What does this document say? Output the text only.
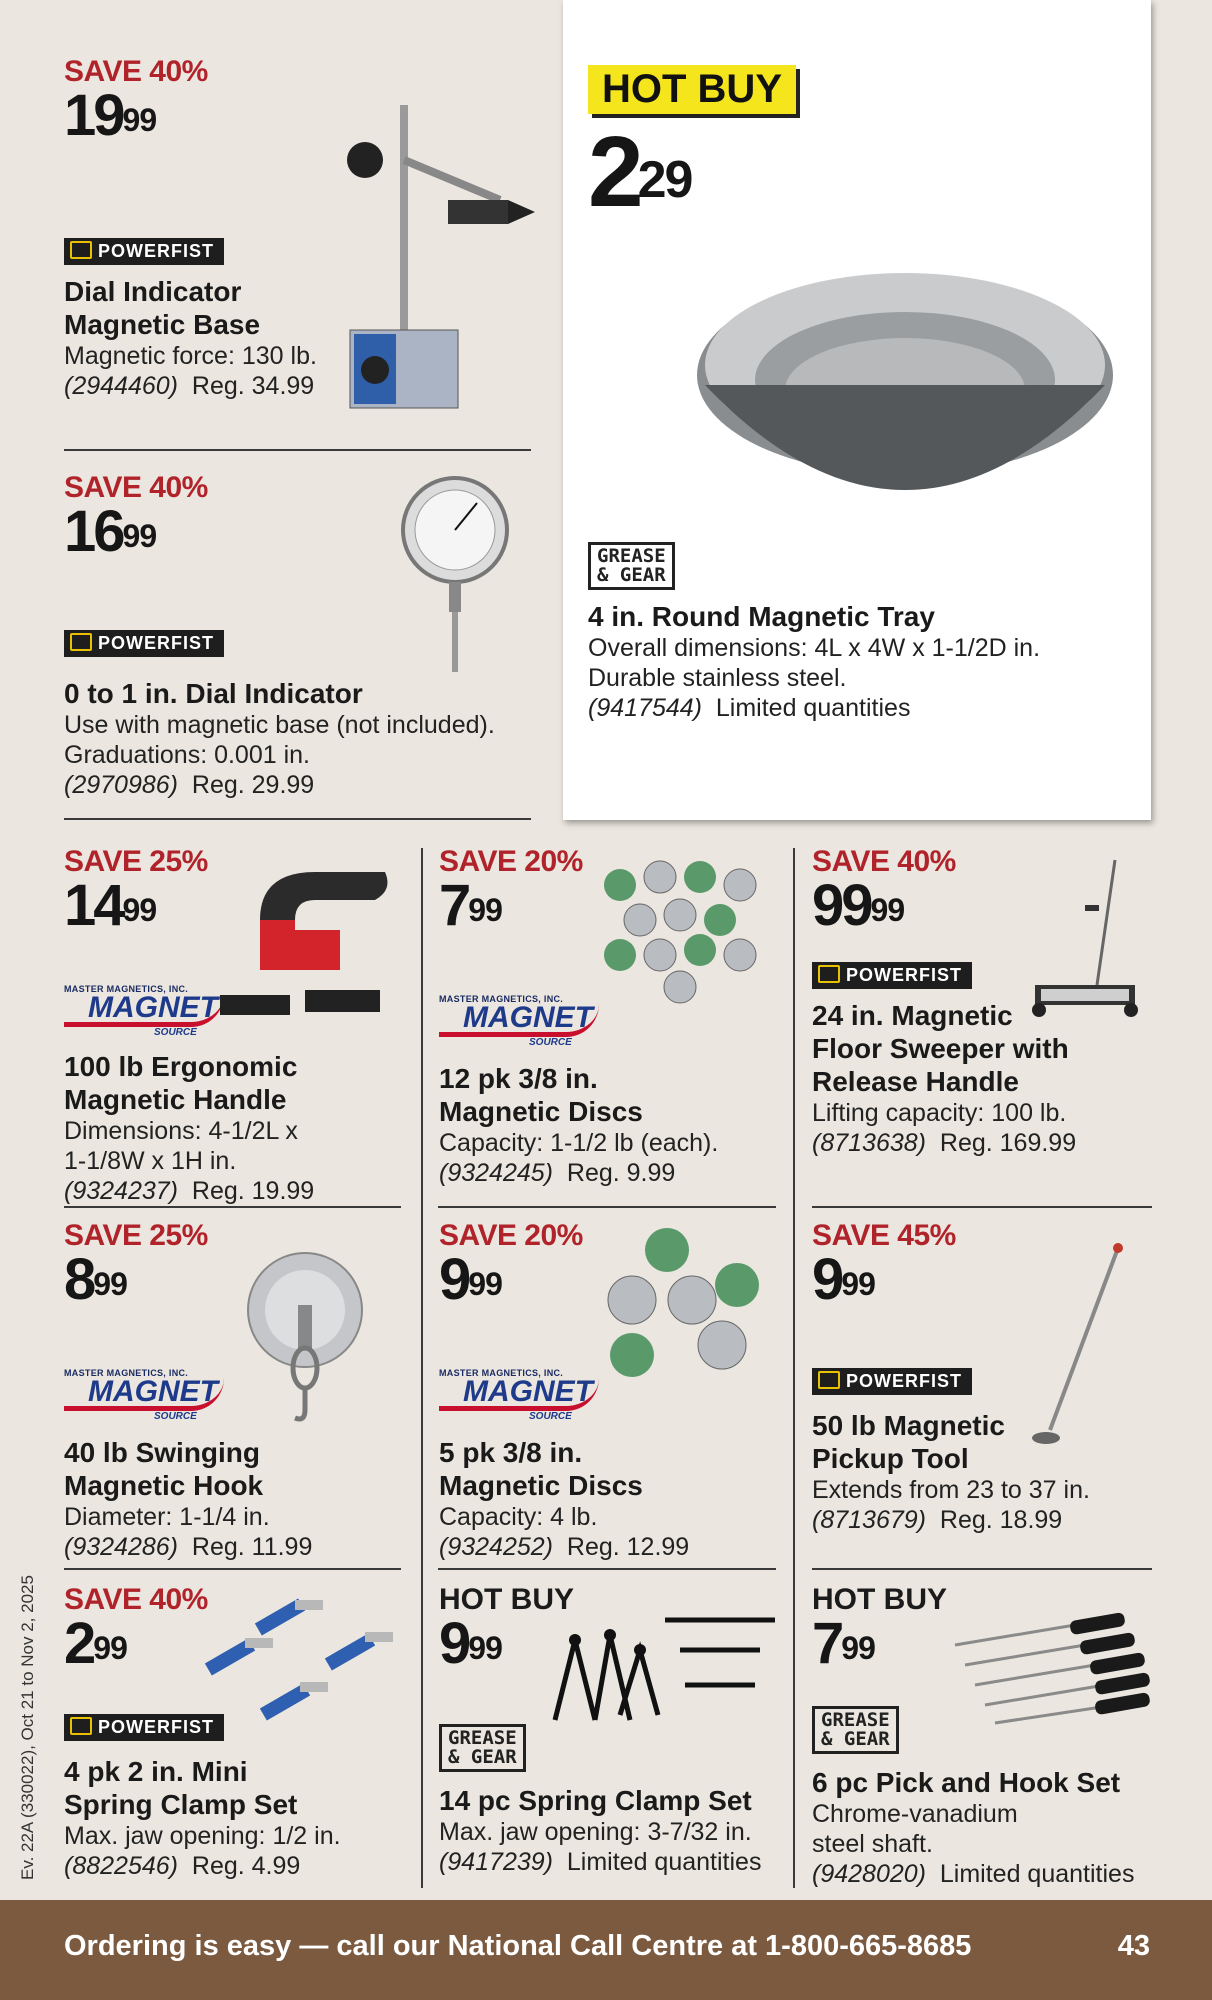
SAVE 40%
$19^{99}$
POWERFIST
Dial Indicator
Magnetic Base
Magnetic force: 130 lb.
(2944460) Reg. 34.99
SAVE 40%
$16^{99}$
POWERFIST
0 to 1 in. Dial Indicator
Use with magnetic base (not included).
Graduations: 0.001 in.
(2970986) Reg. 29.99
HOT BUY
$2^{29}$
GREASE
& GEAR
4 in. Round Magnetic Tray
Overall dimensions: 4L x 4W x 1-1/2D in.
Durable stainless steel.
(9417544) Limited quantities
SAVE 25%
$14^{99}$
MASTER MAGNETICS, INC.
MAGNET
SOURCE
100 lb Ergonomic
Magnetic Handle
Dimensions: 4-1/2L x
1-1/8W x 1H in.
(9324237) Reg. 19.99
SAVE 20%
$7^{99}$
MASTER MAGNETICS, INC.
MAGNET
SOURCE
12 pk 3/8 in.
Magnetic Discs
Capacity: 1-1/2 lb (each).
(9324245) Reg. 9.99
SAVE 40%
$99^{99}$
POWERFIST
24 in. Magnetic
Floor Sweeper with
Release Handle
Lifting capacity: 100 lb.
(8713638) Reg. 169.99
SAVE 25%
$8^{99}$
MASTER MAGNETICS, INC.
MAGNET
SOURCE
40 lb Swinging
Magnetic Hook
Diameter: 1-1/4 in.
(9324286) Reg. 11.99
SAVE 20%
$9^{99}$
MASTER MAGNETICS, INC.
MAGNET
SOURCE
5 pk 3/8 in.
Magnetic Discs
Capacity: 4 lb.
(9324252) Reg. 12.99
SAVE 45%
$9^{99}$
POWERFIST
50 lb Magnetic
Pickup Tool
Extends from 23 to 37 in.
(8713679) Reg. 18.99
SAVE 40%
$2^{99}$
POWERFIST
4 pk 2 in. Mini
Spring Clamp Set
Max. jaw opening: 1/2 in.
(8822546) Reg. 4.99
HOT BUY
$9^{99}$
GREASE
& GEAR
14 pc Spring Clamp Set
Max. jaw opening: 3-7/32 in.
(9417239) Limited quantities
HOT BUY
$7^{99}$
GREASE
& GEAR
6 pc Pick and Hook Set
Chrome-vanadium
steel shaft.
(9428020) Limited quantities
Ev. 22A (330022), Oct 21 to Nov 2, 2025
Ordering is easy — call our National Call Centre at 1-800-665-8685	43
